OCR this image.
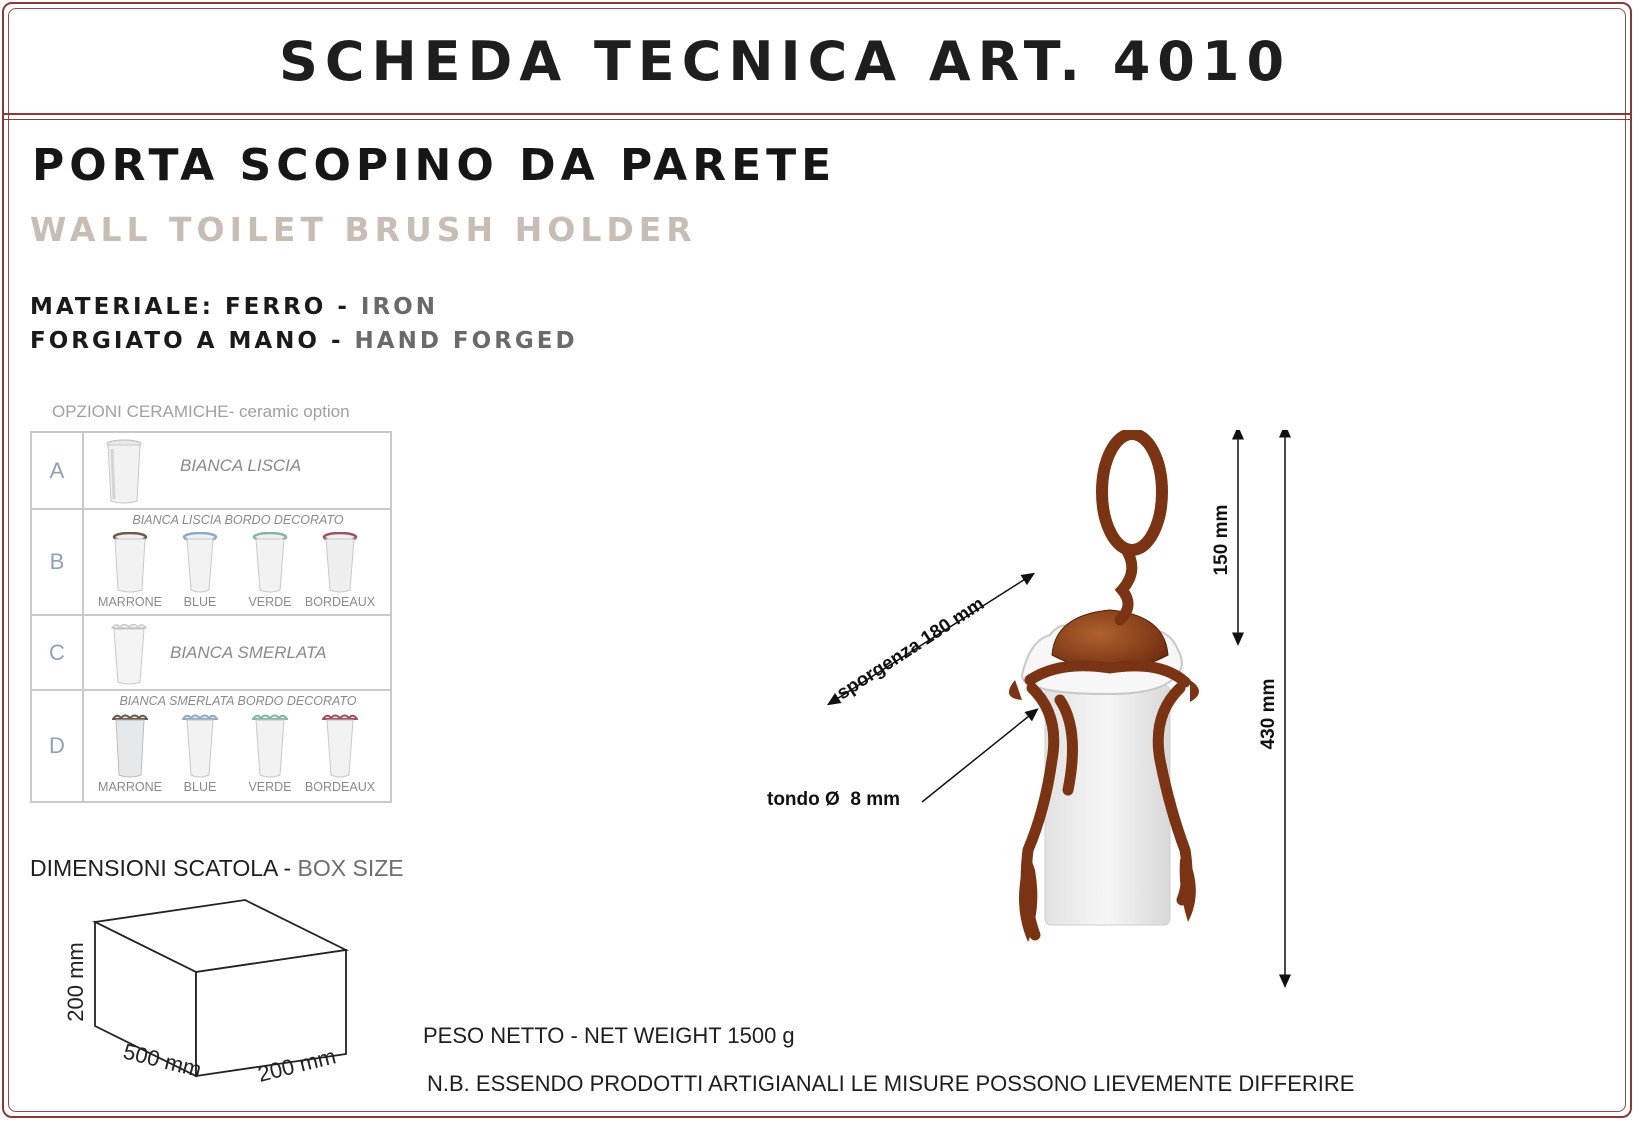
SCHEDA TECNICA ART. 4010
PORTA SCOPINO DA PARETE
WALL TOILET BRUSH HOLDER
MATERIALE: FERRO - IRON
FORGIATO A MANO - HAND FORGED
OPZIONI CERAMICHE- ceramic option
A	BIANCA LISCIA
B
BIANCA LISCIA BORDO DECORATO
MARRONE	BLUE	VERDE	BORDEAUX
C	BIANCA SMERLATA
D
BIANCA SMERLATA BORDO DECORATO
MARRONE	BLUE	VERDE	BORDEAUX
DIMENSIONI SCATOLA - BOX SIZE
200 mm
500 mm 200 mm
sporgenza 180 mm
150 mm
430 mm
tondo Ø  8 mm
PESO NETTO - NET WEIGHT 1500 g
N.B. ESSENDO PRODOTTI ARTIGIANALI LE MISURE POSSONO LIEVEMENTE DIFFERIRE
